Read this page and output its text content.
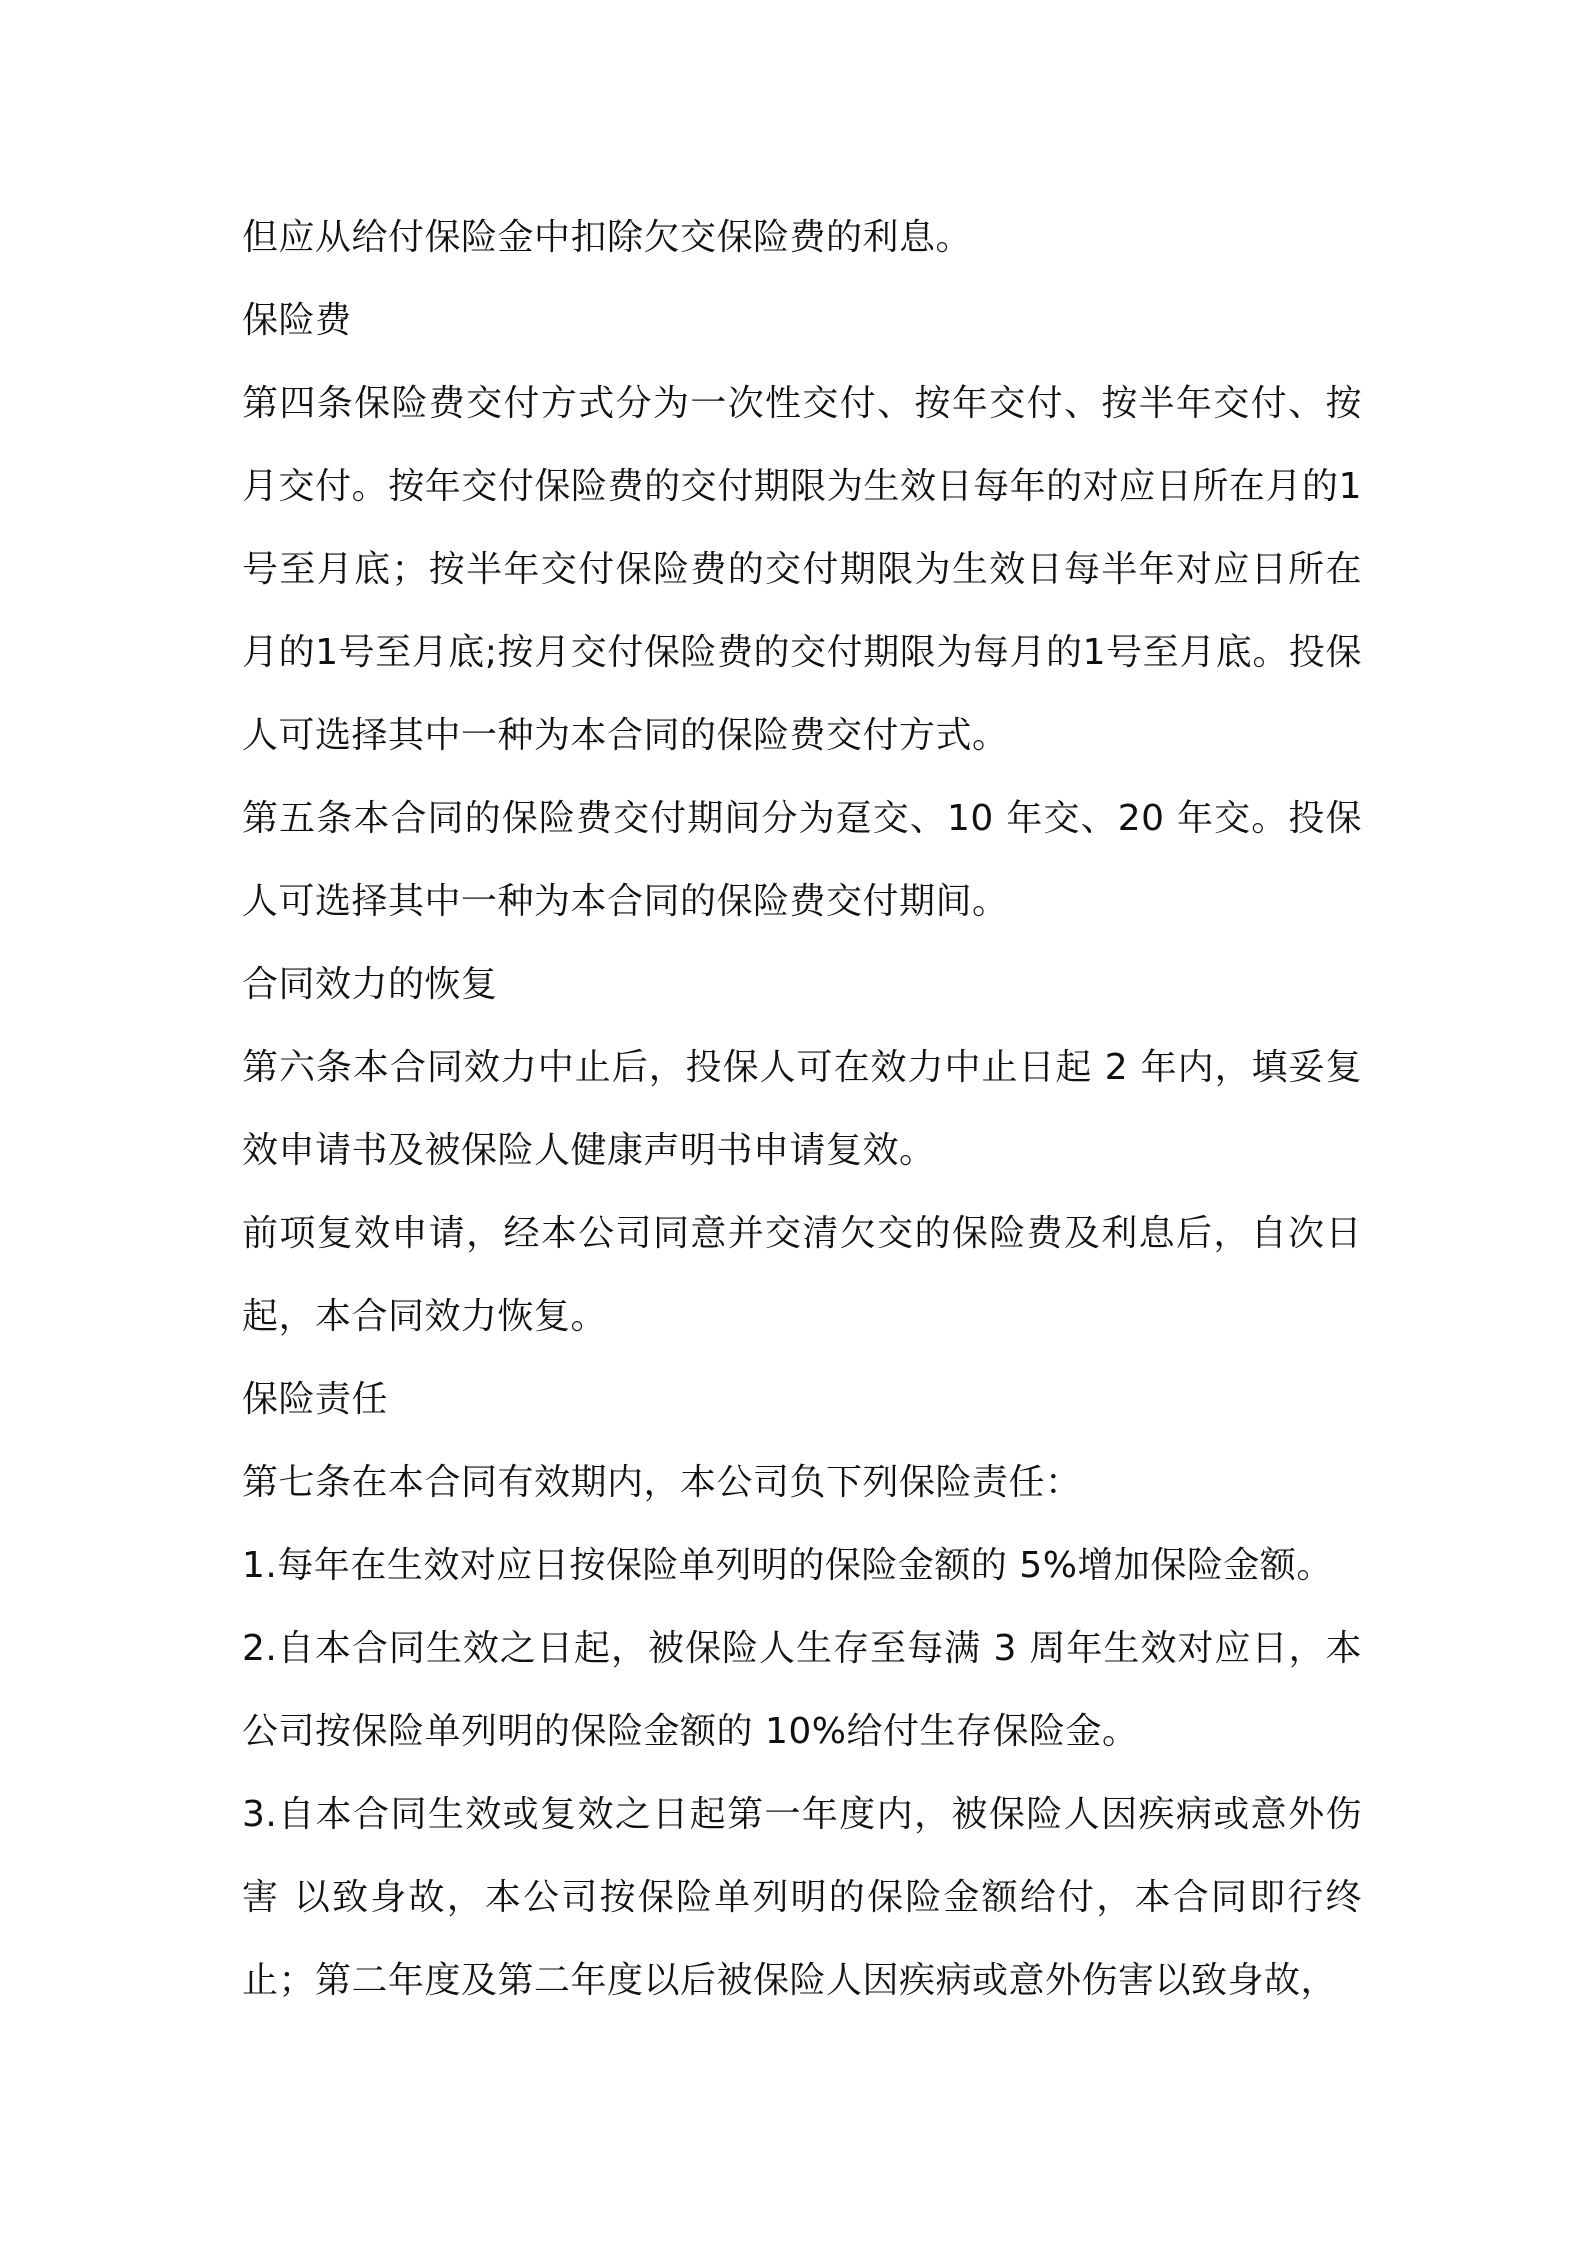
但应从给付保险金中扣除欠交保险费的利息。

保险费

第四条保险费交付方式分为一次性交付、按年交付、按半年交付、按月交付。按年交付保险费的交付期限为生效日每年的对应日所在月的1号至月底；按半年交付保险费的交付期限为生效日每半年对应日所在月的1号至月底;按月交付保险费的交付期限为每月的1号至月底。投保人可选择其中一种为本合同的保险费交付方式。

第五条本合同的保险费交付期间分为趸交、10 年交、20 年交。投保人可选择其中一种为本合同的保险费交付期间。

合同效力的恢复

第六条本合同效力中止后，投保人可在效力中止日起 2 年内，填妥复效申请书及被保险人健康声明书申请复效。

前项复效申请，经本公司同意并交清欠交的保险费及利息后，自次日起，本合同效力恢复。

保险责任

第七条在本合同有效期内，本公司负下列保险责任：

1.每年在生效对应日按保险单列明的保险金额的 5%增加保险金额。

2.自本合同生效之日起，被保险人生存至每满 3 周年生效对应日，本公司按保险单列明的保险金额的 10%给付生存保险金。

3.自本合同生效或复效之日起第一年度内，被保险人因疾病或意外伤害 以致身故，本公司按保险单列明的保险金额给付，本合同即行终止；第二年度及第二年度以后被保险人因疾病或意外伤害以致身故，
